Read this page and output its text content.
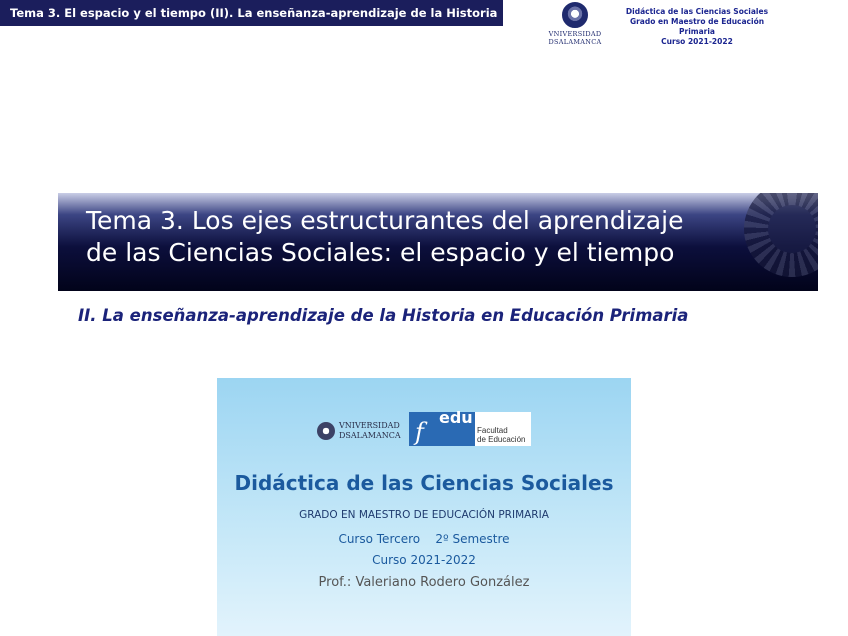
Tema 3. El espacio y el tiempo (II). La enseñanza-aprendizaje de la Historia
VNIVERSIDAD
DSALAMANCA
Didáctica de las Ciencias Sociales
Grado en Maestro de Educación Primaria
Curso 2021-2022
Tema 3. Los ejes estructurantes del aprendizaje
de las Ciencias Sociales: el espacio y el tiempo
II. La enseñanza-aprendizaje de la Historia en Educación Primaria
VNIVERSIDAD
DSALAMANCA f
edu
Facultad
de Educación
Didáctica de las Ciencias Sociales
GRADO EN MAESTRO DE EDUCACIÓN PRIMARIA
Curso Tercero    2º Semestre
Curso 2021-2022
Prof.: Valeriano Rodero González
